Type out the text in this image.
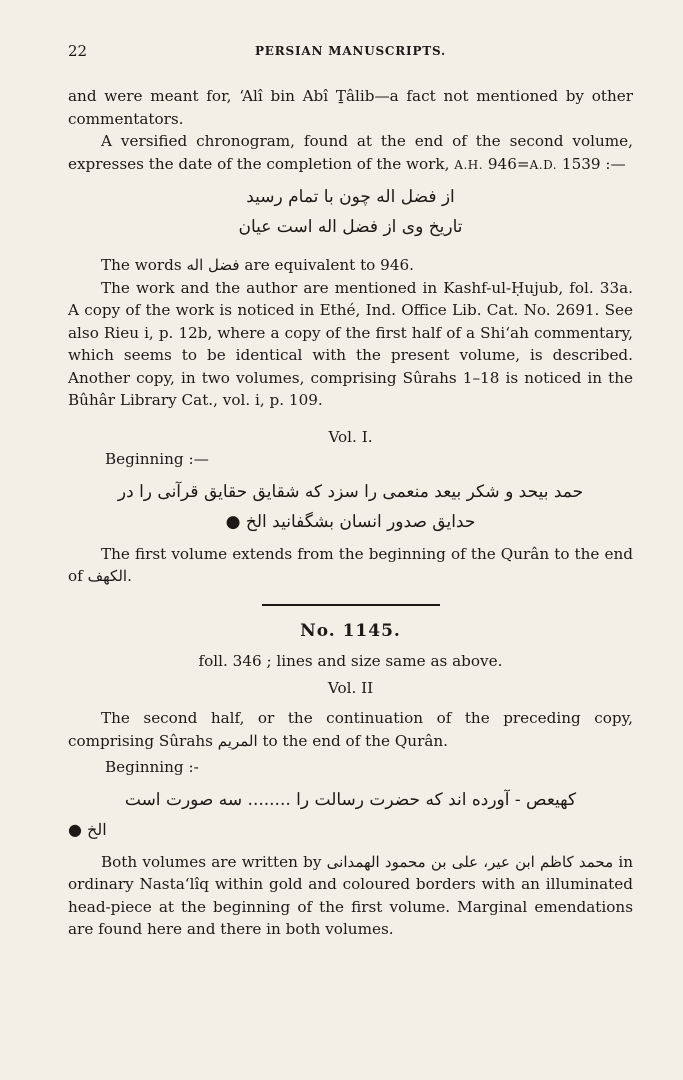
22	PERSIAN MANUSCRIPTS.

and were meant for, ‘Alî bin Abî Ṯâlib—a fact not mentioned by other commentators.

A versified chronogram, found at the end of the second volume, expresses the date of the completion of the work, A.H. 946=A.D. 1539 :—

از فضل اله چون با تمام رسید
تاریخ وی از فضل اله است عیان

The words فضل اله are equivalent to 946.

The work and the author are mentioned in Kashf-ul-Ḥujub, fol. 33a. A copy of the work is noticed in Ethé, Ind. Office Lib. Cat. No. 2691. See also Rieu i, p. 12b, where a copy of the first half of a Shi‘ah commentary, which seems to be identical with the present volume, is described. Another copy, in two volumes, comprising Sûrahs 1–18 is noticed in the Bûhâr Library Cat., vol. i, p. 109.

Vol. I.
Beginning :—
حمد بیحد و شکر بیعد منعمی را سزد که شقایق حقایق قرآنی را در
حدایق صدور انسان بشگفانید الخ ●

The first volume extends from the beginning of the Qurân to the end of الکهف.

No. 1145.
foll. 346 ; lines and size same as above.
Vol. II

The second half, or the continuation of the preceding copy, comprising Sûrahs المریم to the end of the Qurân.

Beginning :-
کهیعص - آورده اند که حضرت رسالت را ........ سه صورت است
الخ ●

Both volumes are written by محمد کاظم ابن عیر، علی بن محمود الهمدانی in ordinary Nasta‘lîq within gold and coloured borders with an illuminated head-piece at the beginning of the first volume. Marginal emendations are found here and there in both volumes.
